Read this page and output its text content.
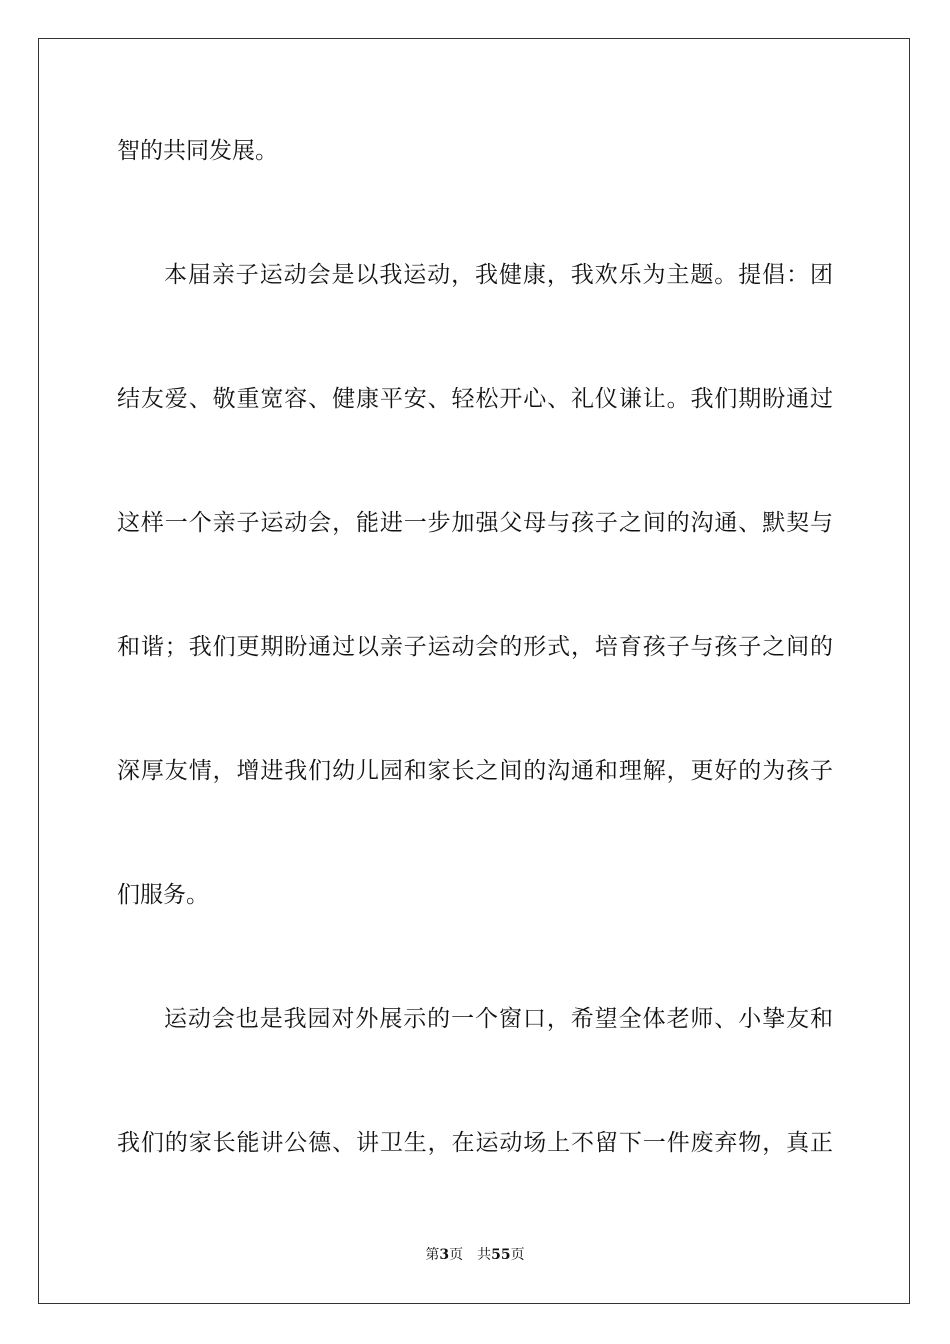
智的共同发展。
本届亲子运动会是以我运动，我健康，我欢乐为主题。提倡：团
结友爱、敬重宽容、健康平安、轻松开心、礼仪谦让。我们期盼通过
这样一个亲子运动会，能进一步加强父母与孩子之间的沟通、默契与
和谐；我们更期盼通过以亲子运动会的形式，培育孩子与孩子之间的
深厚友情，增进我们幼儿园和家长之间的沟通和理解，更好的为孩子
们服务。
运动会也是我园对外展示的一个窗口，希望全体老师、小挚友和
我们的家长能讲公德、讲卫生，在运动场上不留下一件废弃物，真正
第3页 共55页
